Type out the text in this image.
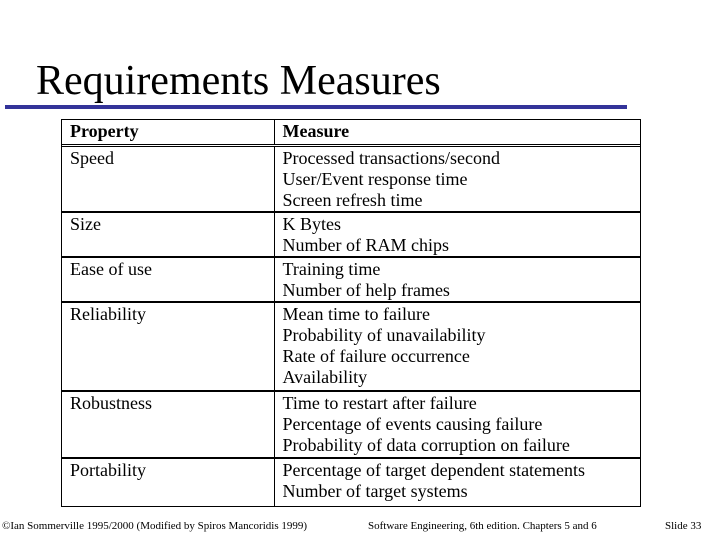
Requirements Measures
Property	Measure
Speed	Processed transactions/second
User/Event response time
Screen refresh time

Size	K Bytes
Number of RAM chips

Ease of use	Training time
Number of help frames

Reliability	Mean time to failure
Probability of unavailability
Rate of failure occurrence
Availability

Robustness	Time to restart after failure
Percentage of events causing failure
Probability of data corruption on failure

Portability	Percentage of target dependent statements
Number of target systems
©Ian Sommerville 1995/2000 (Modified by Spiros Mancoridis 1999)	Software Engineering, 6th edition. Chapters 5 and 6	Slide 33
